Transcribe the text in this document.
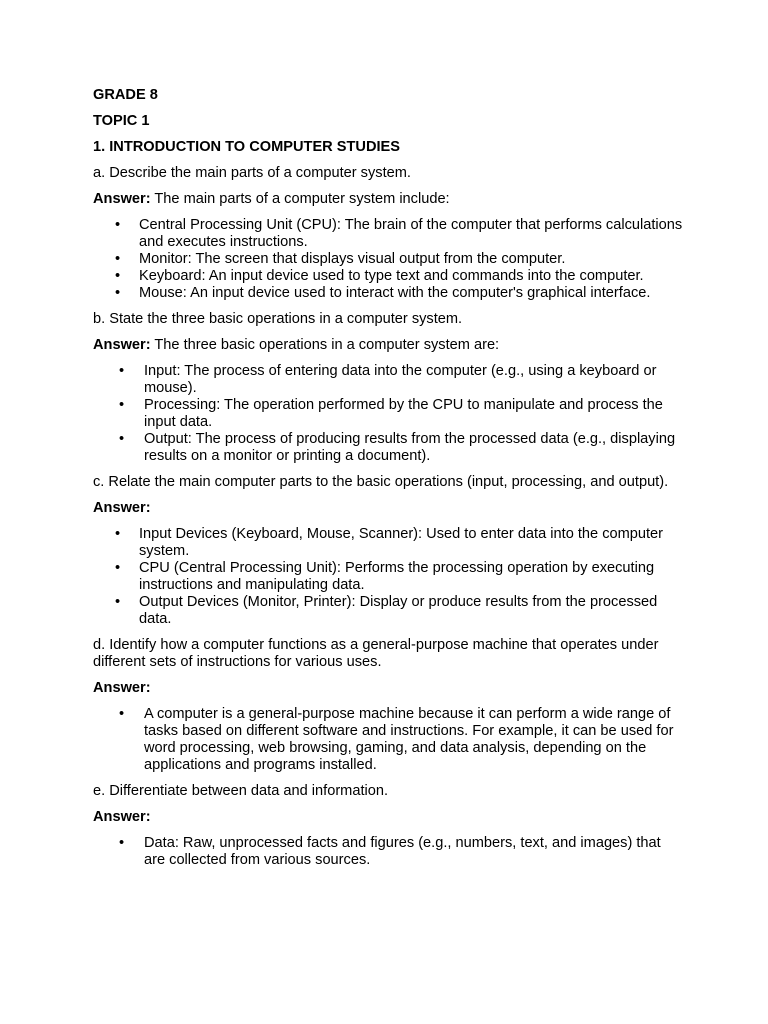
GRADE 8
TOPIC 1
1. INTRODUCTION TO COMPUTER STUDIES
a. Describe the main parts of a computer system.
Answer: The main parts of a computer system include:
•	Central Processing Unit (CPU): The brain of the computer that performs calculations and executes instructions.
•	Monitor: The screen that displays visual output from the computer.
•	Keyboard: An input device used to type text and commands into the computer.
•	Mouse: An input device used to interact with the computer's graphical interface.
b. State the three basic operations in a computer system.
Answer: The three basic operations in a computer system are:
•	Input: The process of entering data into the computer (e.g., using a keyboard or mouse).
•	Processing: The operation performed by the CPU to manipulate and process the input data.
•	Output: The process of producing results from the processed data (e.g., displaying results on a monitor or printing a document).
c. Relate the main computer parts to the basic operations (input, processing, and output).
Answer:
•	Input Devices (Keyboard, Mouse, Scanner): Used to enter data into the computer system.
•	CPU (Central Processing Unit): Performs the processing operation by executing instructions and manipulating data.
•	Output Devices (Monitor, Printer): Display or produce results from the processed data.
d. Identify how a computer functions as a general-purpose machine that operates under different sets of instructions for various uses.
Answer:
•	A computer is a general-purpose machine because it can perform a wide range of tasks based on different software and instructions. For example, it can be used for word processing, web browsing, gaming, and data analysis, depending on the applications and programs installed.
e. Differentiate between data and information.
Answer:
•	Data: Raw, unprocessed facts and figures (e.g., numbers, text, and images) that are collected from various sources.
